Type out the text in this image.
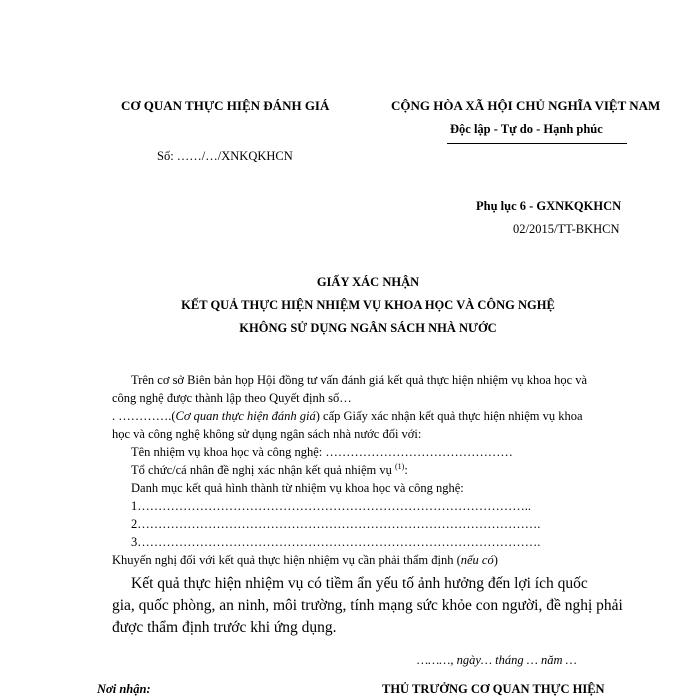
CƠ QUAN THỰC HIỆN ĐÁNH GIÁ	CỘNG HÒA XÃ HỘI CHỦ NGHĨA VIỆT NAM
Độc lập - Tự do - Hạnh phúc
Số: ……/…/XNKQKHCN
Phụ lục 6 - GXNKQKHCN
02/2015/TT-BKHCN
GIẤY XÁC NHẬN
KẾT QUẢ THỰC HIỆN NHIỆM VỤ KHOA HỌC VÀ CÔNG NGHỆ
KHÔNG SỬ DỤNG NGÂN SÁCH NHÀ NƯỚC
Trên cơ sở Biên bản họp Hội đồng tư vấn đánh giá kết quả thực hiện nhiệm vụ khoa học và
công nghệ được thành lập theo Quyết định số…
. ………….(Cơ quan thực hiện đánh giá) cấp Giấy xác nhận kết quả thực hiện nhiệm vụ khoa
học và công nghệ không sử dụng ngân sách nhà nước đối với:
Tên nhiệm vụ khoa học và công nghệ: ………………………………………
Tổ chức/cá nhân đề nghị xác nhận kết quả nhiệm vụ $^{(1)}$:
Danh mục kết quả hình thành từ nhiệm vụ khoa học và công nghệ:
1…………………………………………………………………………………..
2…………………………………………………………………………………….
3…………………………………………………………………………………….
Khuyến nghị đối với kết quả thực hiện nhiệm vụ cần phải thẩm định (nếu có)
Kết quả thực hiện nhiệm vụ có tiềm ẩn yếu tố ảnh hưởng đến lợi ích quốc
gia, quốc phòng, an ninh, môi trường, tính mạng sức khỏe con người, đề nghị phải
được thẩm định trước khi ứng dụng.
………, ngày… tháng … năm …
Nơi nhận:	THỦ TRƯỞNG CƠ QUAN THỰC HIỆN
